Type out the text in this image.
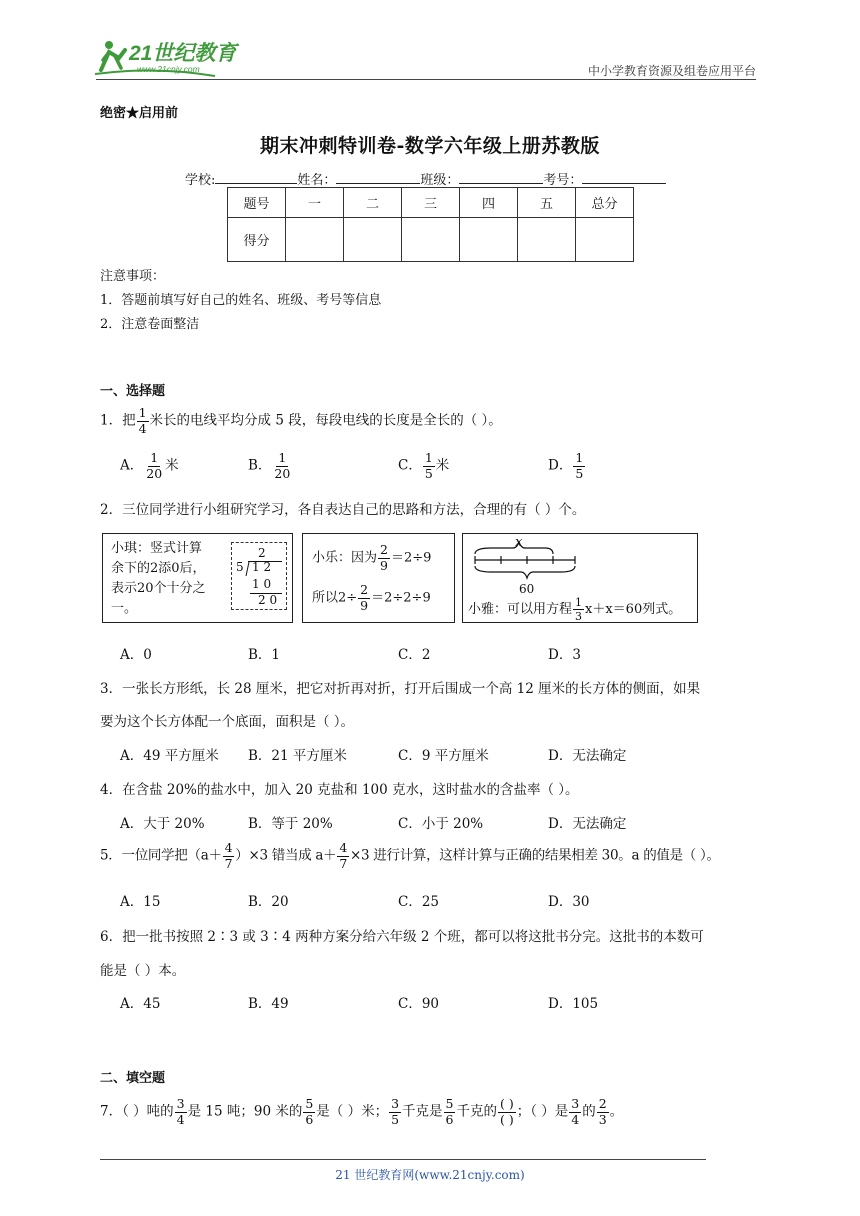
21世纪教育
www.21cnjy.com	中小学教育资源及组卷应用平台
绝密★启用前
期末冲刺特训卷-数学六年级上册苏教版
学校:	姓名：	班级：	考号：
题号	一	二	三	四	五	总分
得分						
注意事项：
1．答题前填写好自己的姓名、班级、考号等信息
2．注意卷面整洁
一、选择题
1．把 $\frac{1}{4}$ 米长的电线平均分成 5 段，每段电线的长度是全长的（ ）。
A． $\frac{1}{20}$ 米	B． $\frac{1}{20}$	C． $\frac{1}{5}$ 米	D． $\frac{1}{5}$
2．三位同学进行小组研究学习，各自表达自己的思路和方法，合理的有（ ）个。
小琪：竖式计算
余下的2添0后，
表示20个十分之
一。
2
5 1 2
1 0
2 0
小乐：因为 $\frac{2}{9} =2\div 9$
所以$2\div \frac{2}{9} =2\div 2\div 9$
x
60
小雅：可以用方程 $\frac{1}{3} x+x=60$列式。
A．0	B．1	C．2	D．3
3．一张长方形纸，长 28 厘米，把它对折再对折，打开后围成一个高 12 厘米的长方体的侧面，如果
要为这个长方体配一个底面，面积是（ ）。
A．49 平方厘米 B．21 平方厘米	C．9 平方厘米	D．无法确定
4．在含盐 20%的盐水中，加入 20 克盐和 100 克水，这时盐水的含盐率（ ）。
A．大于 20%	B．等于 20%	C．小于 20%	D．无法确定
5．一位同学把$(a+ \frac{4}{7} )\times 3$ 错当成 $a+ \frac{4}{7} \times 3$ 进行计算，这样计算与正确的结果相差 30。a 的值是（ ）。
A．15	B．20	C．25	D．30
6．把一批书按照 2∶3 或 3∶4 两种方案分给六年级 2 个班，都可以将这批书分完。这批书的本数可
能是（ ）本。
A．45	B．49	C．90	D．105
二、填空题
7．（ ）吨的 $\frac{3}{4}$ 是 15 吨；90 米的 $\frac{5}{6}$ 是（ ）米； $\frac{3}{5}$ 千克是 $\frac{5}{6}$ 千克的 $\frac{( )}{( )}$ ；（ ）是 $\frac{3}{4}$ 的 $\frac{2}{3}$ 。
21 世纪教育网(www.21cnjy.com)
